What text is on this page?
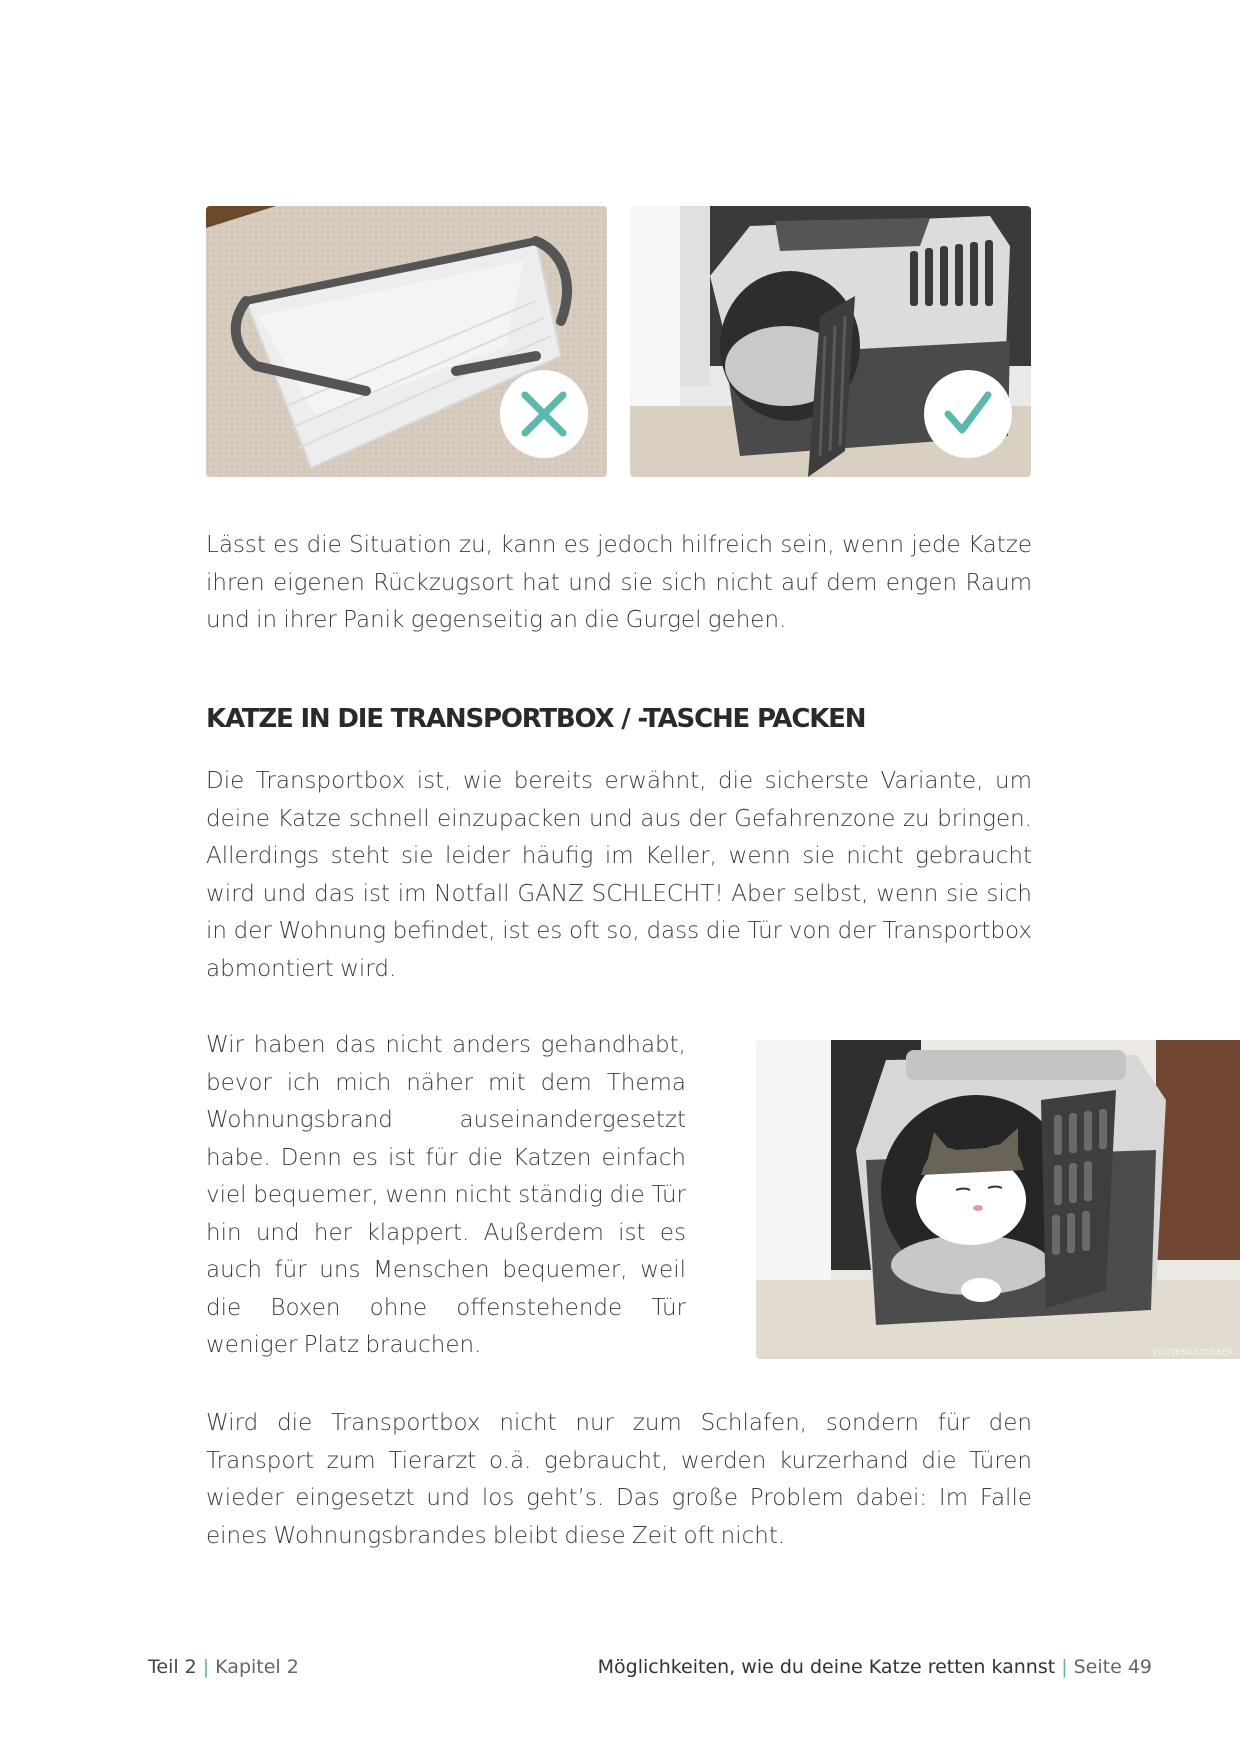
Lässt es die Situation zu, kann es jedoch hilfreich sein, wenn jede Katze ihren eigenen Rückzugsort hat und sie sich nicht auf dem engen Raum und in ihrer Panik gegenseitig an die Gurgel gehen.

KATZE IN DIE TRANSPORTBOX / -TASCHE PACKEN

Die Transportbox ist, wie bereits erwähnt, die sicherste Variante, um deine Katze schnell einzupacken und aus der Gefahrenzone zu bringen. Allerdings steht sie leider häufig im Keller, wenn sie nicht gebraucht wird und das ist im Notfall GANZ SCHLECHT! Aber selbst, wenn sie sich in der Wohnung befindet, ist es oft so, dass die Tür von der Transportbox abmontiert wird.

Wir haben das nicht anders gehandhabt, bevor ich mich näher mit dem Thema Wohnungsbrand auseinandergesetzt habe. Denn es ist für die Katzen einfach viel bequemer, wenn nicht ständig die Tür hin und her klappert. Außerdem ist es auch für uns Menschen bequemer, weil die Boxen ohne offenstehende Tür weniger Platz brauchen.	PFOTENRATGEBER

Wird die Transportbox nicht nur zum Schlafen, sondern für den Transport zum Tierarzt o.ä. gebraucht, werden kurzerhand die Türen wieder eingesetzt und los geht’s. Das große Problem dabei: Im Falle eines Wohnungsbrandes bleibt diese Zeit oft nicht.

Teil 2 | Kapitel 2	Möglichkeiten, wie du deine Katze retten kannst | Seite 49
